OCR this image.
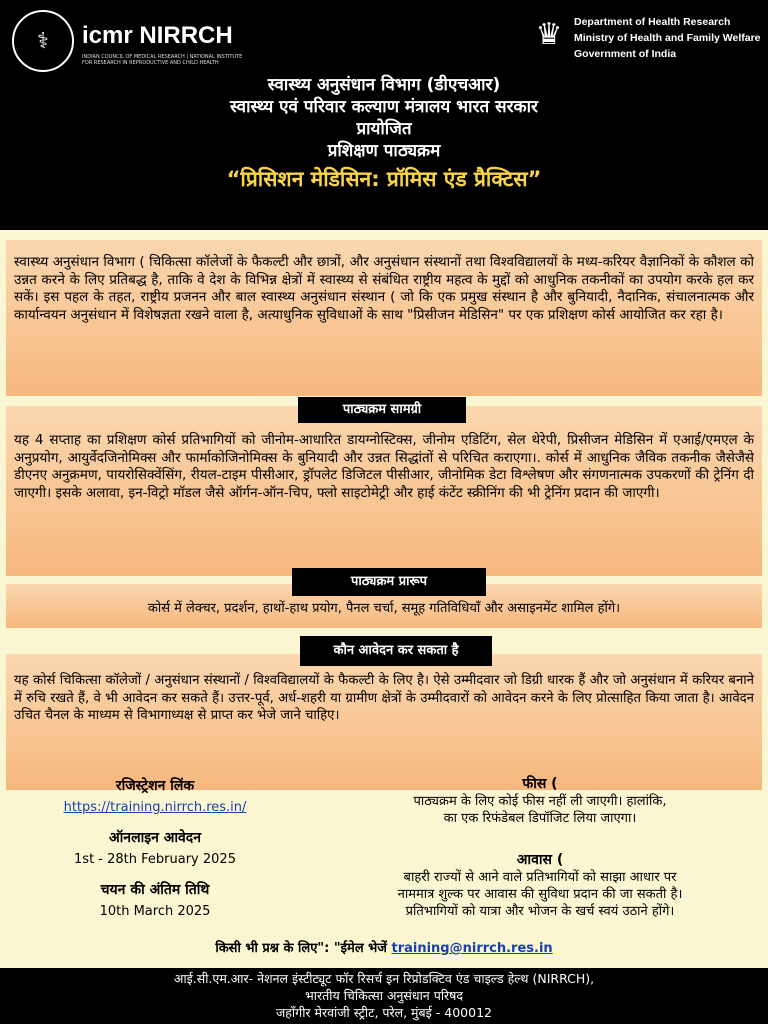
⚕	icmr NIRRCH
INDIAN COUNCIL OF MEDICAL RESEARCH | NATIONAL INSTITUTE FOR RESEARCH IN REPRODUCTIVE AND CHILD HEALTH
♛	Department of Health Research
Ministry of Health and Family Welfare
Government of India
स्वास्थ्य अनुसंधान विभाग (डीएचआर)
स्वास्थ्य एवं परिवार कल्याण मंत्रालय भारत सरकार
प्रायोजित
प्रशिक्षण पाठ्यक्रम
“प्रिसिशन मेडिसिन: प्रॉमिस एंड प्रैक्टिस”
स्वास्थ्य अनुसंधान विभाग ( चिकित्सा कॉलेजों के फैकल्टी और छात्रों, और अनुसंधान संस्थानों तथा विश्वविद्यालयों के मध्य-करियर वैज्ञानिकों के कौशल को उन्नत करने के लिए प्रतिबद्ध है, ताकि वे देश के विभिन्न क्षेत्रों में स्वास्थ्य से संबंधित राष्ट्रीय महत्व के मुद्दों को आधुनिक तकनीकों का उपयोग करके हल कर सकें। इस पहल के तहत, राष्ट्रीय प्रजनन और बाल स्वास्थ्य अनुसंधान संस्थान ( जो कि एक प्रमुख संस्थान है और बुनियादी, नैदानिक, संचालनात्मक और कार्यान्वयन अनुसंधान में विशेषज्ञता रखने वाला है, अत्याधुनिक सुविधाओं के साथ "प्रिसीजन मेडिसिन" पर एक प्रशिक्षण कोर्स आयोजित कर रहा है।
यह 4 सप्ताह का प्रशिक्षण कोर्स प्रतिभागियों को जीनोम-आधारित डायग्नोस्टिक्स, जीनोम एडिटिंग, सेल थेरेपी, प्रिसीजन मेडिसिन में एआई/एमएल के अनुप्रयोग, आयुर्वेदजिनोमिक्स और फार्माकोजिनोमिक्स के बुनियादी और उन्नत सिद्धांतों से परिचित कराएगा।. कोर्स में आधुनिक जैविक तकनीक जैसेजैसे डीएनए अनुक्रमण, पायरोसिक्वेंसिंग, रीयल-टाइम पीसीआर, ड्रॉपलेट डिजिटल पीसीआर, जीनोमिक डेटा विश्लेषण और संगणनात्मक उपकरणों की ट्रेनिंग दी जाएगी। इसके अलावा, इन-विट्रो मॉडल जैसे ऑर्गन-ऑन-चिप, फ्लो साइटोमेट्री और हाई कंटेंट स्क्रीनिंग की भी ट्रेनिंग प्रदान की जाएगी।
पाठ्यक्रम सामग्री
कोर्स में लेक्चर, प्रदर्शन, हाथों-हाथ प्रयोग, पैनल चर्चा, समूह गतिविधियाँ और असाइनमेंट शामिल होंगे।
पाठ्यक्रम प्रारूप
यह कोर्स चिकित्सा कॉलेजों / अनुसंधान संस्थानों / विश्वविद्यालयों के फैकल्टी के लिए है। ऐसे उम्मीदवार जो डिग्री धारक हैं और जो अनुसंधान में करियर बनाने में रुचि रखते हैं, वे भी आवेदन कर सकते हैं। उत्तर-पूर्व, अर्ध-शहरी या ग्रामीण क्षेत्रों के उम्मीदवारों को आवेदन करने के लिए प्रोत्साहित किया जाता है। आवेदन उचित चैनल के माध्यम से विभागाध्यक्ष से प्राप्त कर भेजे जाने चाहिए।
कौन आवेदन कर सकता है
रजिस्ट्रेशन लिंक
https://training.nirrch.res.in/
ऑनलाइन आवेदन
1st - 28th February 2025
चयन की अंतिम तिथि
10th March 2025
फीस (
पाठ्यक्रम के लिए कोई फीस नहीं ली जाएगी। हालांकि,
का एक रिफंडेबल डिपॉजिट लिया जाएगा।
आवास (
बाहरी राज्यों से आने वाले प्रतिभागियों को साझा आधार पर
नाममात्र शुल्क पर आवास की सुविधा प्रदान की जा सकती है।
प्रतिभागियों को यात्रा और भोजन के खर्च स्वयं उठाने होंगे।
किसी भी प्रश्न के लिए": "ईमेल भेजें training@nirrch.res.in
आई.सी.एम.आर- नेशनल इंस्टीट्यूट फॉर रिसर्च इन रिप्रोडक्टिव एंड चाइल्ड हेल्थ (NIRRCH),
भारतीय चिकित्सा अनुसंधान परिषद
जहाँगीर मेरवांजी स्ट्रीट, परेल, मुंबई - 400012
